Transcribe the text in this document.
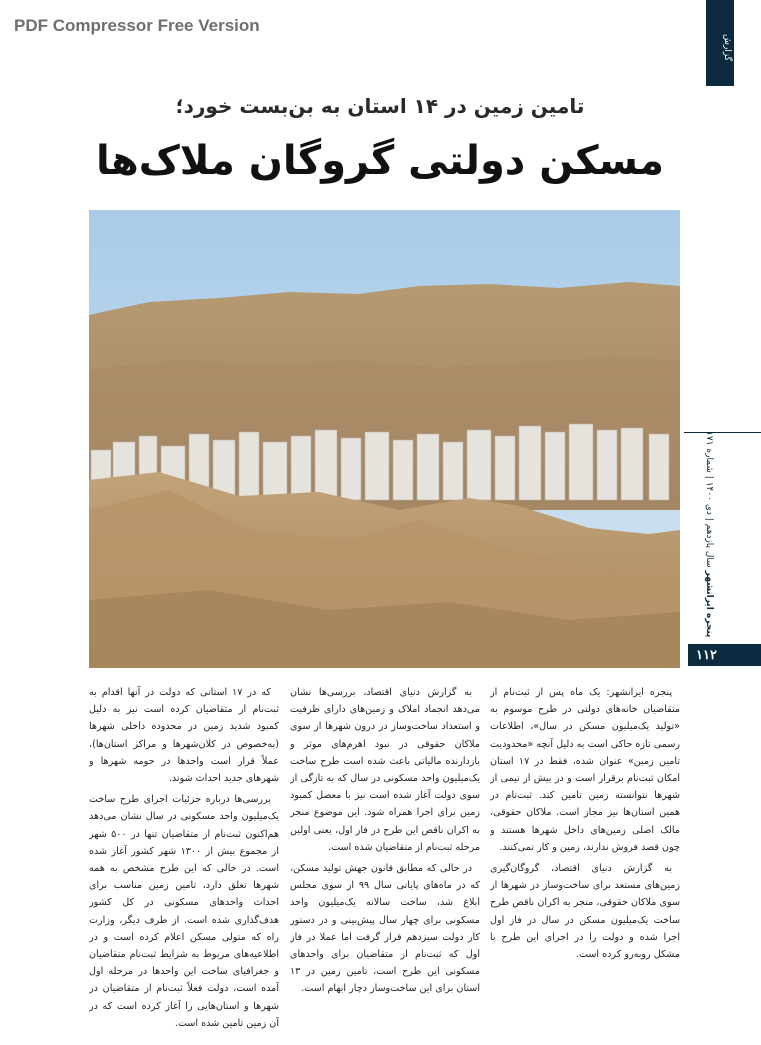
PDF Compressor Free Version
گزارش
تامین زمین در ۱۴ استان به بن‌بست خورد؛
مسکن دولتی گروگان ملاک‌ها
پنجره ایرانشهر سال یازدهم | دی ۱۴۰۰ | شماره ۱۷۱
۱۱۲

پنجره ایرانشهر: یک ماه پس از ثبت‌نام از متقاضیان خانه‌های دولتی در طرح موسوم به «تولید یک‌میلیون مسکن در سال»، اطلاعات رسمی تازه حاکی است به دلیل آنچه «محدودیت تامین زمین» عنوان شده، فقط در ۱۷ استان امکان ثبت‌نام برقرار است و در بیش از نیمی از شهرها نتوانسته زمین تامین کند. ثبت‌نام در همین استان‌ها نیز مجاز است. ملاکان حقوقی، مالک اصلی زمین‌های داخل شهرها هستند و چون قصد فروش ندارند، زمین و کار نمی‌کنند.

به گزارش دنیای اقتصاد، گروگان‌گیری زمین‌های مستعد برای ساخت‌وساز در شهرها از سوی ملاکان حقوقی، منجر به اکران ناقص طرح ساخت یک‌میلیون مسکن در سال در فاز اول اجرا شده و دولت را در اجرای این طرح با مشکل روبه‌رو کرده است.

به گزارش دنیای اقتصاد، بررسی‌ها نشان می‌دهد انجماد املاک و زمین‌های دارای ظرفیت و استعداد ساخت‌وساز در درون شهرها از سوی ملاکان حقوقی در نبود اهرم‌های موثر و بازدارنده مالیاتی باعث شده است طرح ساخت یک‌میلیون واحد مسکونی در سال که به تازگی از سوی دولت آغاز شده است نیز با معضل کمبود زمین برای اجرا همراه شود. این موضوع منجر به اکران ناقص این طرح در فاز اول، یعنی اولین مرحله ثبت‌نام از متقاضیان شده است.

در حالی که مطابق قانون جهش تولید مسکن، که در ماه‌های پایانی سال ۹۹ از سوی مجلس ابلاغ شد، ساخت سالانه یک‌میلیون واحد مسکونی برای چهار سال پیش‌بینی و در دستور کار دولت سیزدهم قرار گرفت اما عملا در فاز اول که ثبت‌نام از متقاضیان برای واحدهای مسکونی این طرح است، تامین زمین در ۱۳ استان برای این ساخت‌وساز دچار ابهام است.

که در ۱۷ استانی که دولت در آنها اقدام به ثبت‌نام از متقاضیان کرده است نیز به دلیل کمبود شدید زمین در محدوده داخلی شهرها (به‌خصوص در کلان‌شهرها و مراکز استان‌ها)، عملاً قرار است واحدها در حومه شهرها و شهرهای جدید احداث شوند.

بررسی‌ها درباره جزئیات اجرای طرح ساخت یک‌میلیون واحد مسکونی در سال نشان می‌دهد هم‌اکنون ثبت‌نام از متقاضیان تنها در ۵۰۰ شهر از مجموع بیش از ۱۳۰۰ شهر کشور آغاز شده است. در حالی که این طرح مشخص به همه شهرها تعلق دارد، تامین زمین مناسب برای احداث واحدهای مسکونی در کل کشور هدف‌گذاری شده است. از طرف دیگر، وزارت راه که متولی مسکن اعلام کرده است و در اطلاعیه‌های مربوط به شرایط ثبت‌نام متقاضیان و جغرافیای ساخت این واحدها در مرحله اول آمده است، دولت فعلاً ثبت‌نام از متقاضیان در شهرها و استان‌هایی را آغاز کرده است که در آن زمین تامین شده است.
